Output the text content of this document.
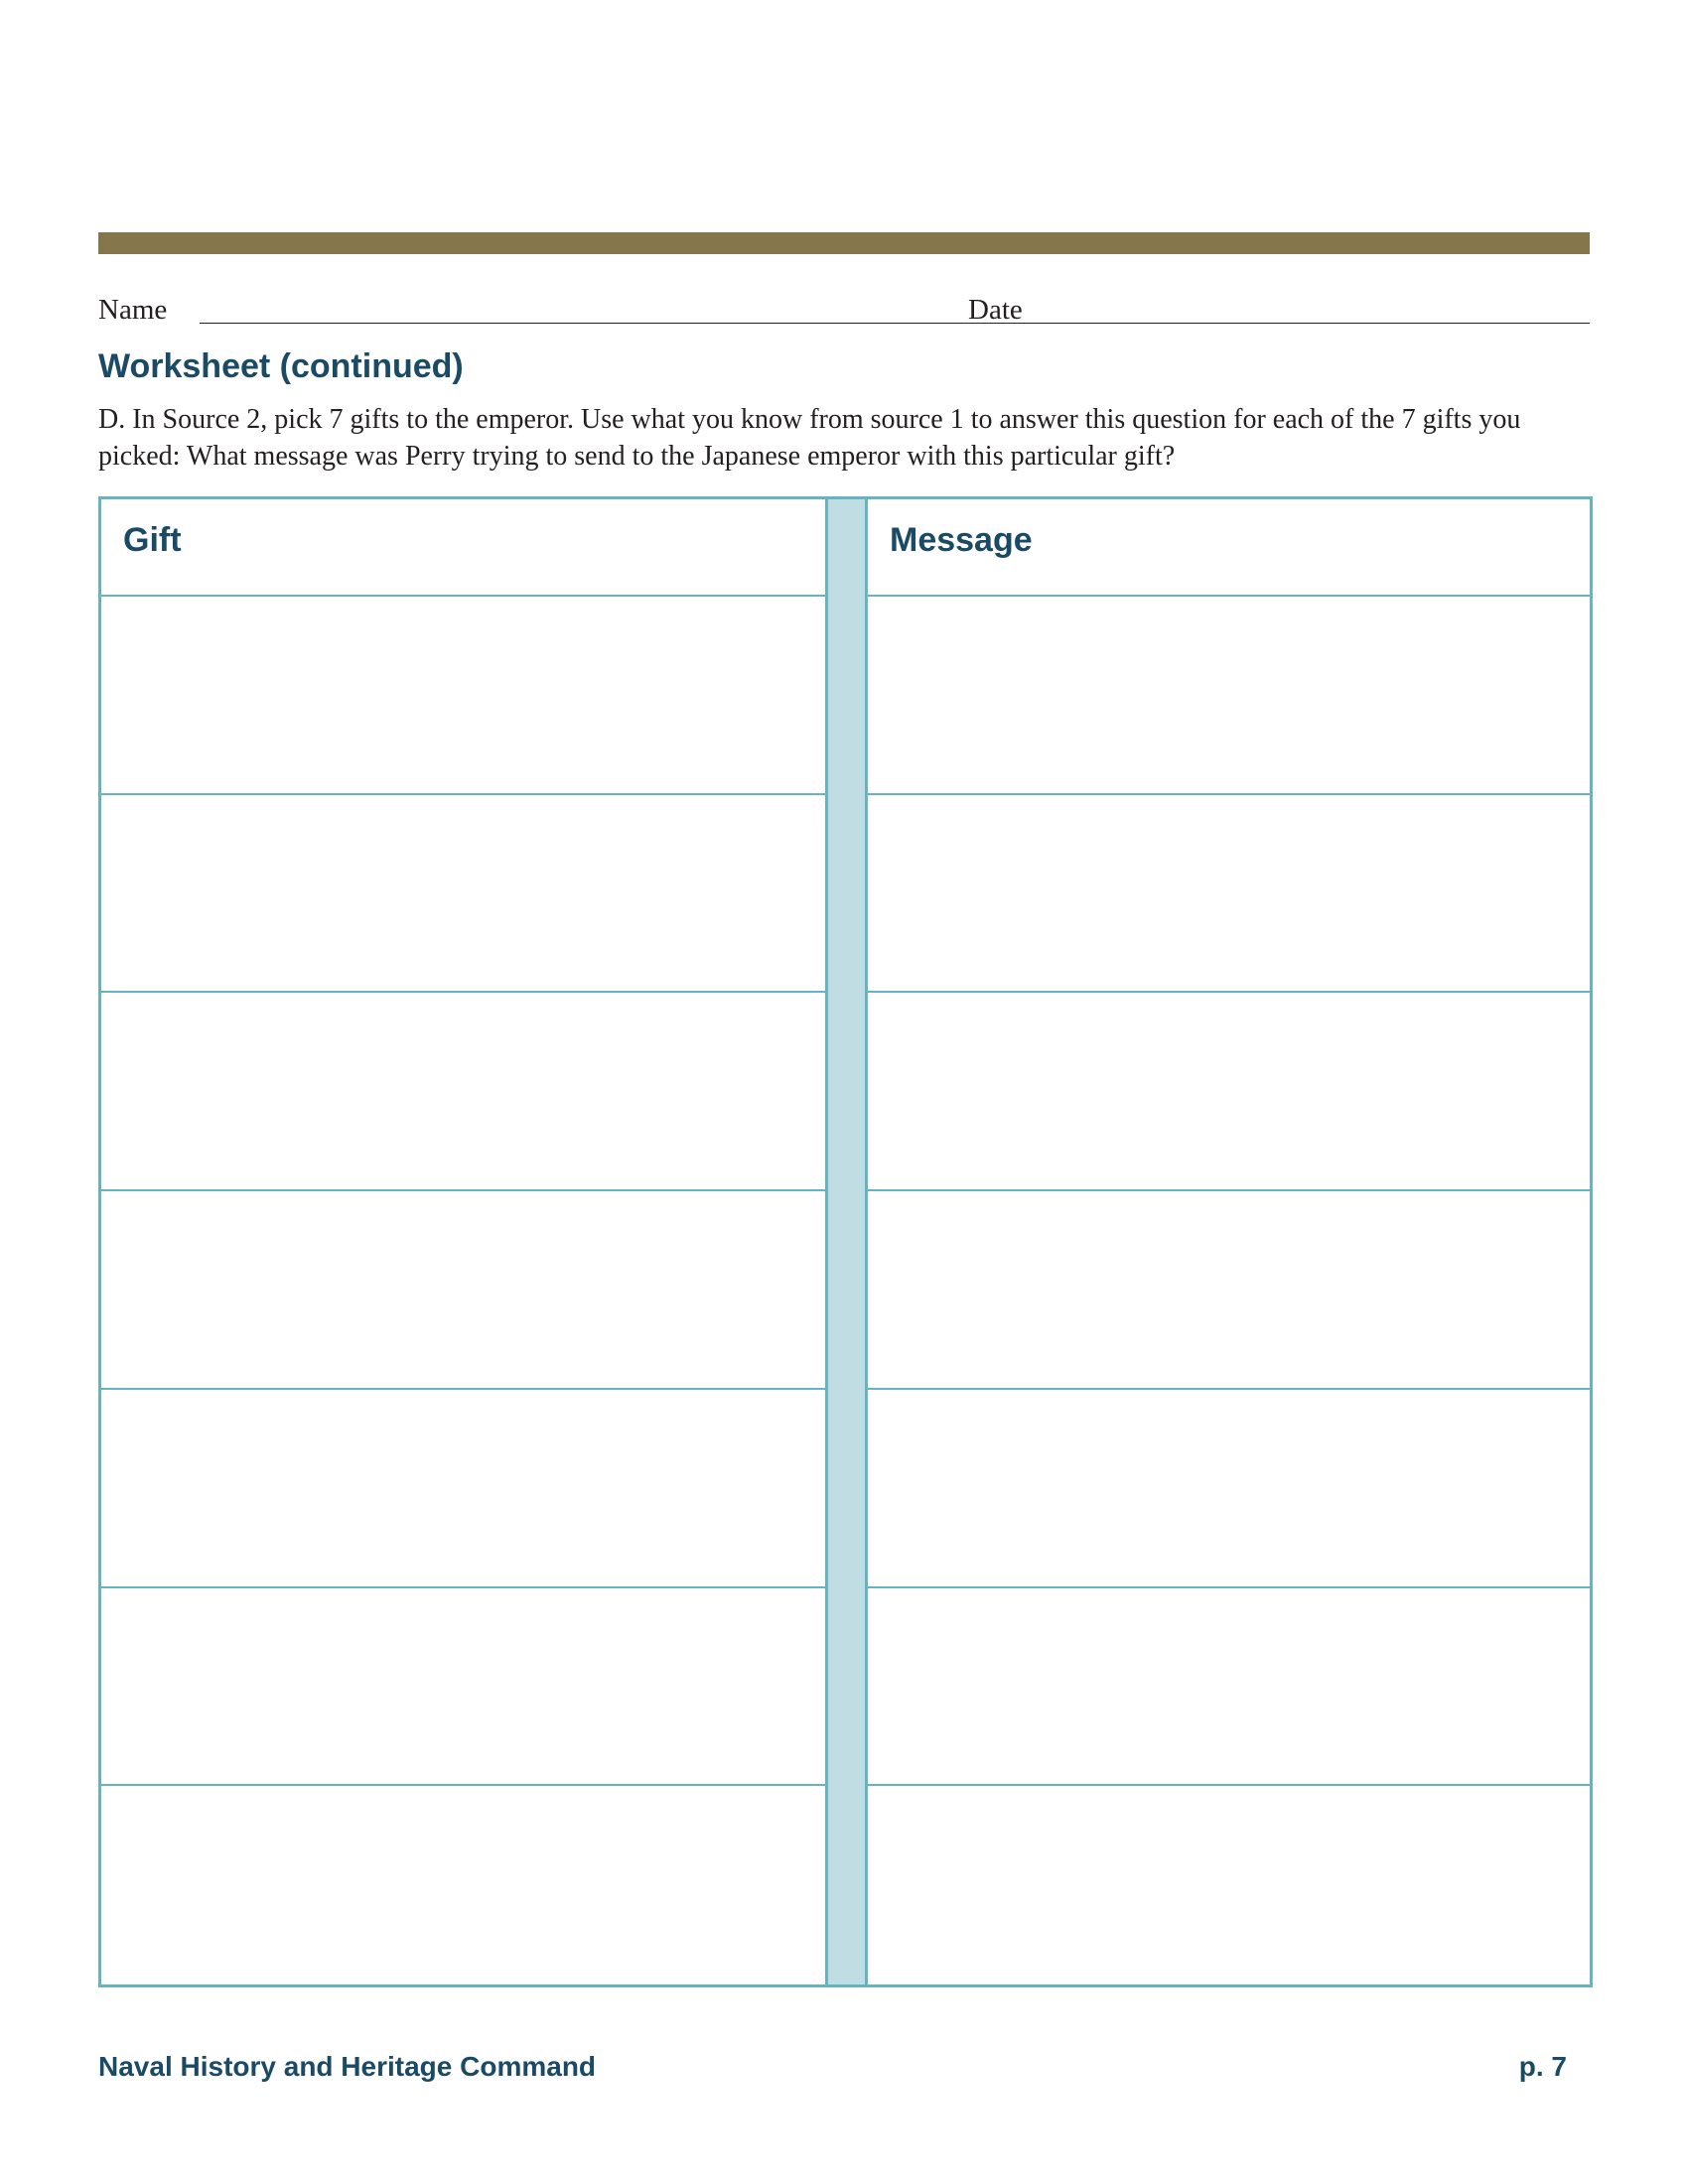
Name	Date
Worksheet (continued)

D. In Source 2, pick 7 gifts to the emperor. Use what you know from source 1 to answer this question for each of the 7 gifts you picked: What message was Perry trying to send to the Japanese emperor with this particular gift?

Gift	Message
Naval History and Heritage Command	p. 7
